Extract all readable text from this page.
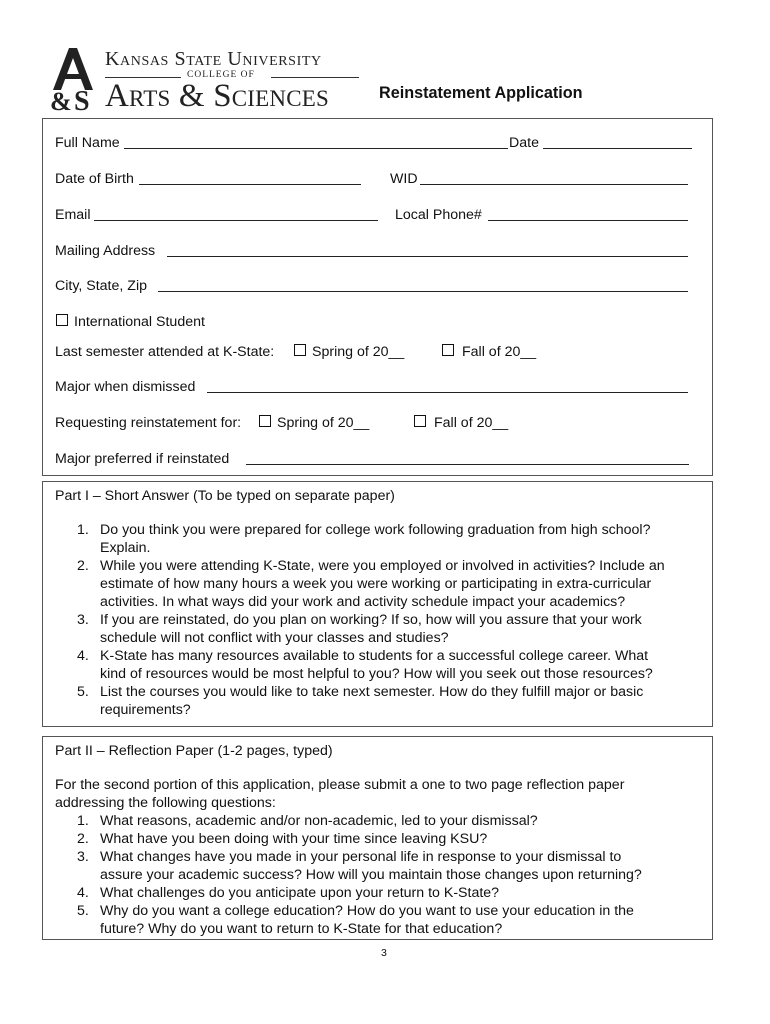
& S
Kansas State University
COLLEGE OF
Arts & Sciences	Reinstatement Application
Full Name	Date
Date of Birth	WID
Email	Local Phone#
Mailing Address
City, State, Zip
International Student
Last semester attended at K-State:	Spring of 20__	Fall of 20__
Major when dismissed
Requesting reinstatement for:	Spring of 20__	Fall of 20__
Major preferred if reinstated
Part I – Short Answer (To be typed on separate paper)
1. Do you think you were prepared for college work following graduation from high school?
Explain.
2. While you were attending K-State, were you employed or involved in activities? Include an
estimate of how many hours a week you were working or participating in extra-curricular
activities. In what ways did your work and activity schedule impact your academics?
3. If you are reinstated, do you plan on working? If so, how will you assure that your work
schedule will not conflict with your classes and studies?
4. K-State has many resources available to students for a successful college career. What
kind of resources would be most helpful to you? How will you seek out those resources?
5. List the courses you would like to take next semester. How do they fulfill major or basic
requirements?
Part II – Reflection Paper (1-2 pages, typed)
For the second portion of this application, please submit a one to two page reflection paper
addressing the following questions:
1. What reasons, academic and/or non-academic, led to your dismissal?
2. What have you been doing with your time since leaving KSU?
3. What changes have you made in your personal life in response to your dismissal to
assure your academic success? How will you maintain those changes upon returning?
4. What challenges do you anticipate upon your return to K-State?
5. Why do you want a college education? How do you want to use your education in the
future? Why do you want to return to K-State for that education?
3
